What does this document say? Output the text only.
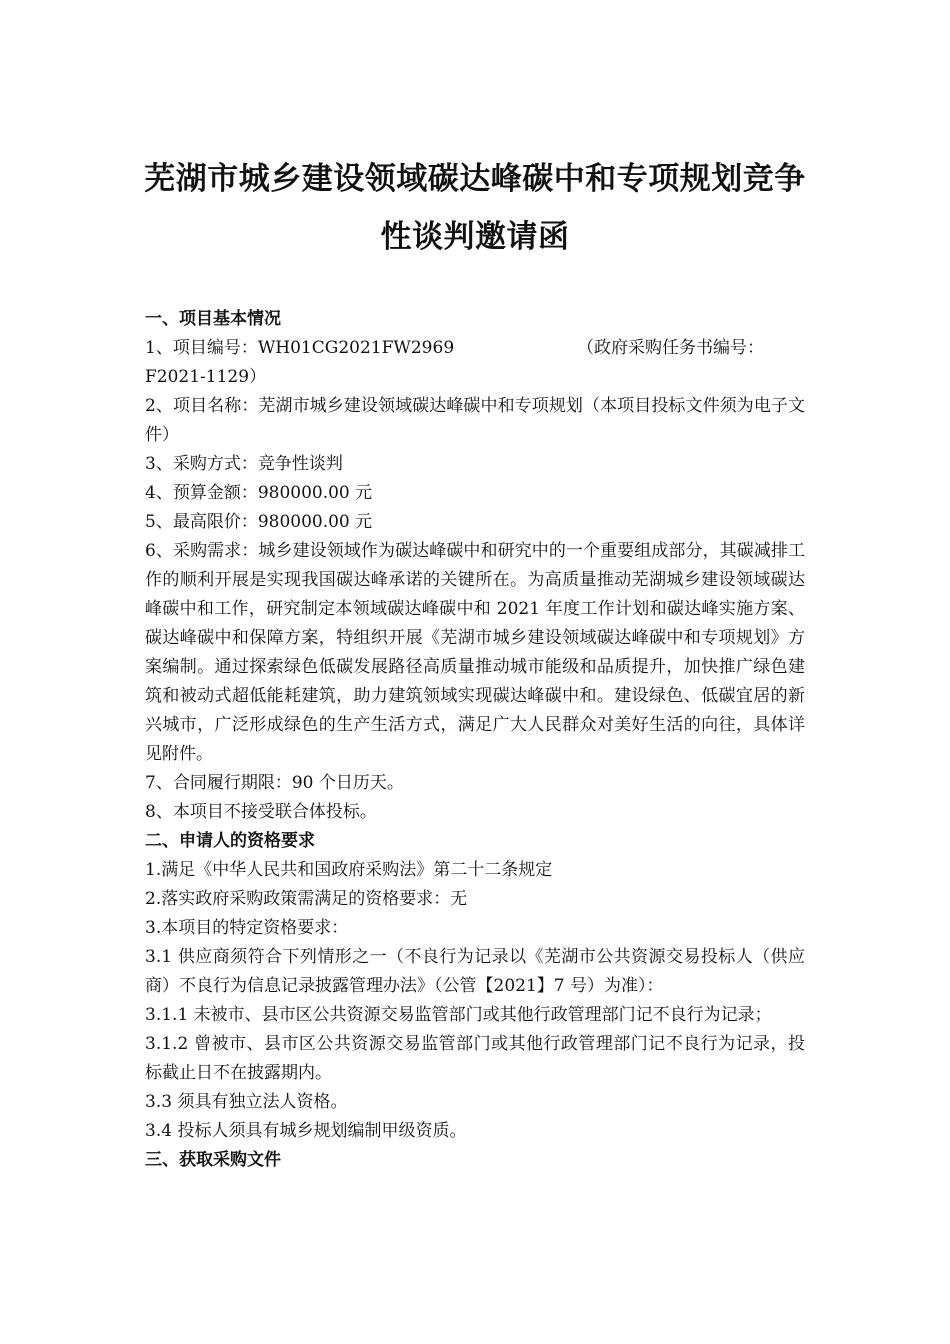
芜湖市城乡建设领域碳达峰碳中和专项规划竞争
性谈判邀请函

一、项目基本情况

1、项目编号：WH01CG2021FW2969	（政府采购任务书编号：

F2021-1129）

2、项目名称：芜湖市城乡建设领域碳达峰碳中和专项规划（本项目投标文件须为电子文件）

3、采购方式：竞争性谈判

4、预算金额：980000.00 元

5、最高限价：980000.00 元

6、采购需求：城乡建设领域作为碳达峰碳中和研究中的一个重要组成部分，其碳减排工作的顺利开展是实现我国碳达峰承诺的关键所在。为高质量推动芜湖城乡建设领域碳达峰碳中和工作，研究制定本领域碳达峰碳中和 2021 年度工作计划和碳达峰实施方案、碳达峰碳中和保障方案，特组织开展《芜湖市城乡建设领域碳达峰碳中和专项规划》方案编制。通过探索绿色低碳发展路径高质量推动城市能级和品质提升，加快推广绿色建筑和被动式超低能耗建筑，助力建筑领域实现碳达峰碳中和。建设绿色、低碳宜居的新兴城市，广泛形成绿色的生产生活方式，满足广大人民群众对美好生活的向往，具体详见附件。

7、合同履行期限：90 个日历天。

8、本项目不接受联合体投标。

二、申请人的资格要求

1.满足《中华人民共和国政府采购法》第二十二条规定

2.落实政府采购政策需满足的资格要求：无

3.本项目的特定资格要求：

3.1 供应商须符合下列情形之一（不良行为记录以《芜湖市公共资源交易投标人（供应商）不良行为信息记录披露管理办法》（公管【2021】7 号）为准）：

3.1.1 未被市、县市区公共资源交易监管部门或其他行政管理部门记不良行为记录；

3.1.2 曾被市、县市区公共资源交易监管部门或其他行政管理部门记不良行为记录，投标截止日不在披露期内。

3.3 须具有独立法人资格。

3.4 投标人须具有城乡规划编制甲级资质。

三、获取采购文件
